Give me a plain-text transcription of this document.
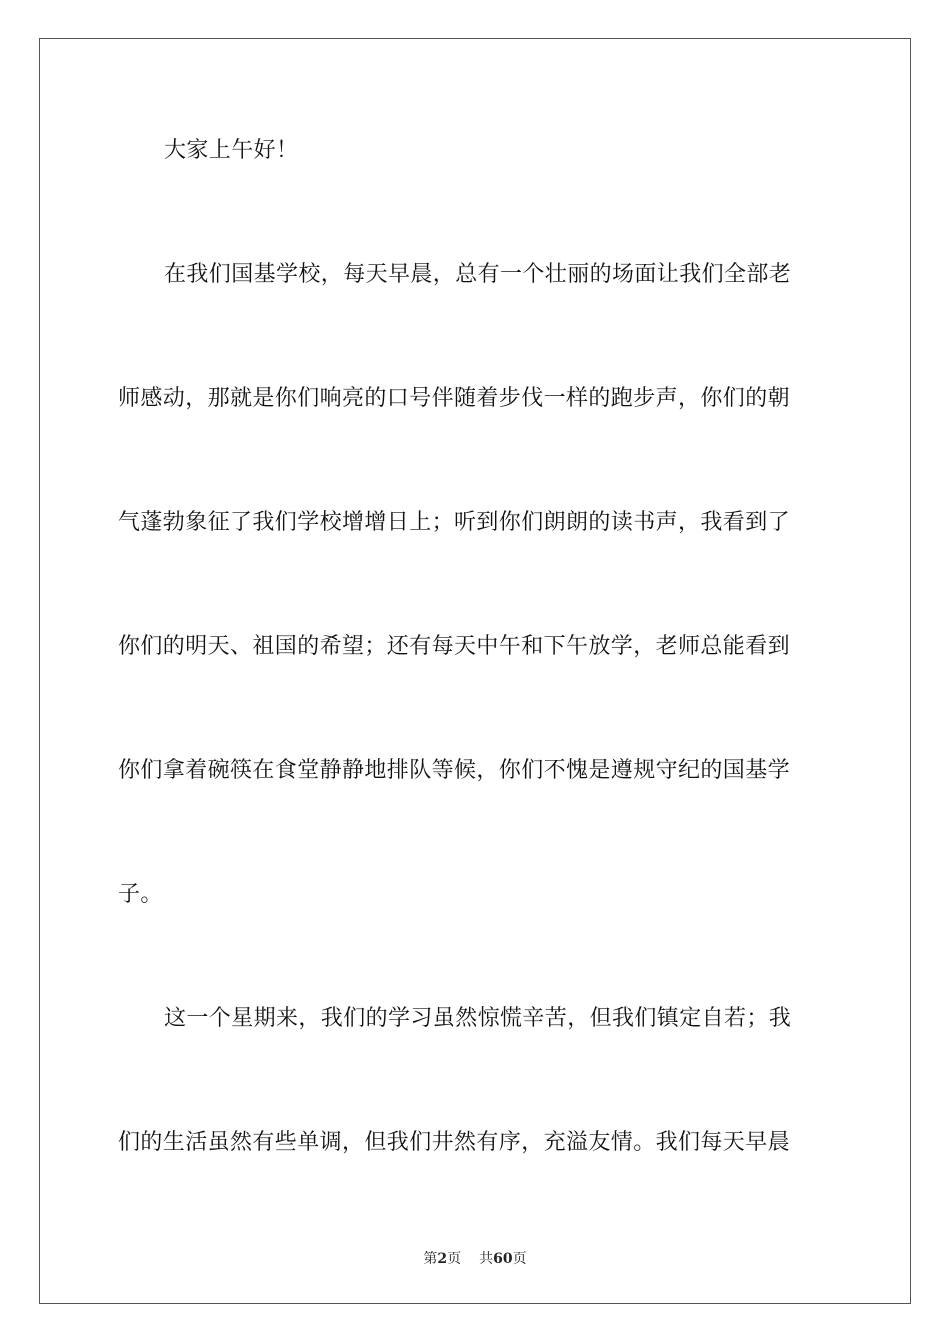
大家上午好！
在我们国基学校，每天早晨，总有一个壮丽的场面让我们全部老
师感动，那就是你们响亮的口号伴随着步伐一样的跑步声，你们的朝
气蓬勃象征了我们学校增增日上；听到你们朗朗的读书声，我看到了
你们的明天、祖国的希望；还有每天中午和下午放学，老师总能看到
你们拿着碗筷在食堂静静地排队等候，你们不愧是遵规守纪的国基学
子。
这一个星期来，我们的学习虽然惊慌辛苦，但我们镇定自若；我
们的生活虽然有些单调，但我们井然有序，充溢友情。我们每天早晨
第2页 共60页
